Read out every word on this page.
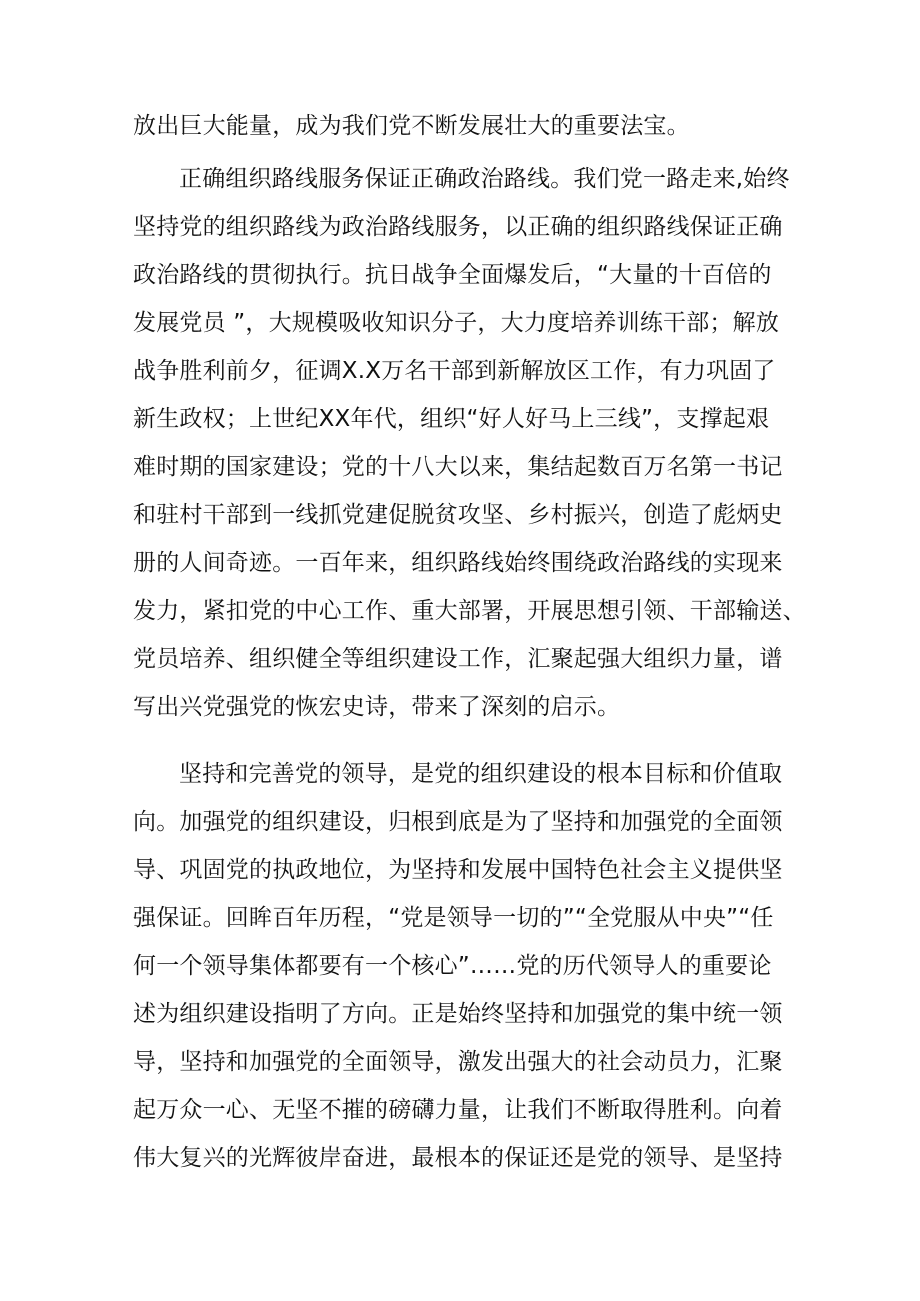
放出巨大能量，成为我们党不断发展壮大的重要法宝。
正确组织路线服务保证正确政治路线。我们党一路走来,始终
坚持党的组织路线为政治路线服务，以正确的组织路线保证正确
政治路线的贯彻执行。抗日战争全面爆发后，“大量的十百倍的
发展党员 ”，大规模吸收知识分子，大力度培养训练干部；解放
战争胜利前夕，征调X.X万名干部到新解放区工作，有力巩固了
新生政权；上世纪XX年代，组织“好人好马上三线”，支撑起艰
难时期的国家建设；党的十八大以来，集结起数百万名第一书记
和驻村干部到一线抓党建促脱贫攻坚、乡村振兴，创造了彪炳史
册的人间奇迹。一百年来，组织路线始终围绕政治路线的实现来
发力，紧扣党的中心工作、重大部署，开展思想引领、干部输送、
党员培养、组织健全等组织建设工作，汇聚起强大组织力量，谱
写出兴党强党的恢宏史诗，带来了深刻的启示。
坚持和完善党的领导，是党的组织建设的根本目标和价值取
向。加强党的组织建设，归根到底是为了坚持和加强党的全面领
导、巩固党的执政地位，为坚持和发展中国特色社会主义提供坚
强保证。回眸百年历程，“党是领导一切的”“全党服从中央”“任
何一个领导集体都要有一个核心”……党的历代领导人的重要论
述为组织建设指明了方向。正是始终坚持和加强党的集中统一领
导，坚持和加强党的全面领导，激发出强大的社会动员力，汇聚
起万众一心、无坚不摧的磅礴力量，让我们不断取得胜利。向着
伟大复兴的光辉彼岸奋进，最根本的保证还是党的领导、是坚持
